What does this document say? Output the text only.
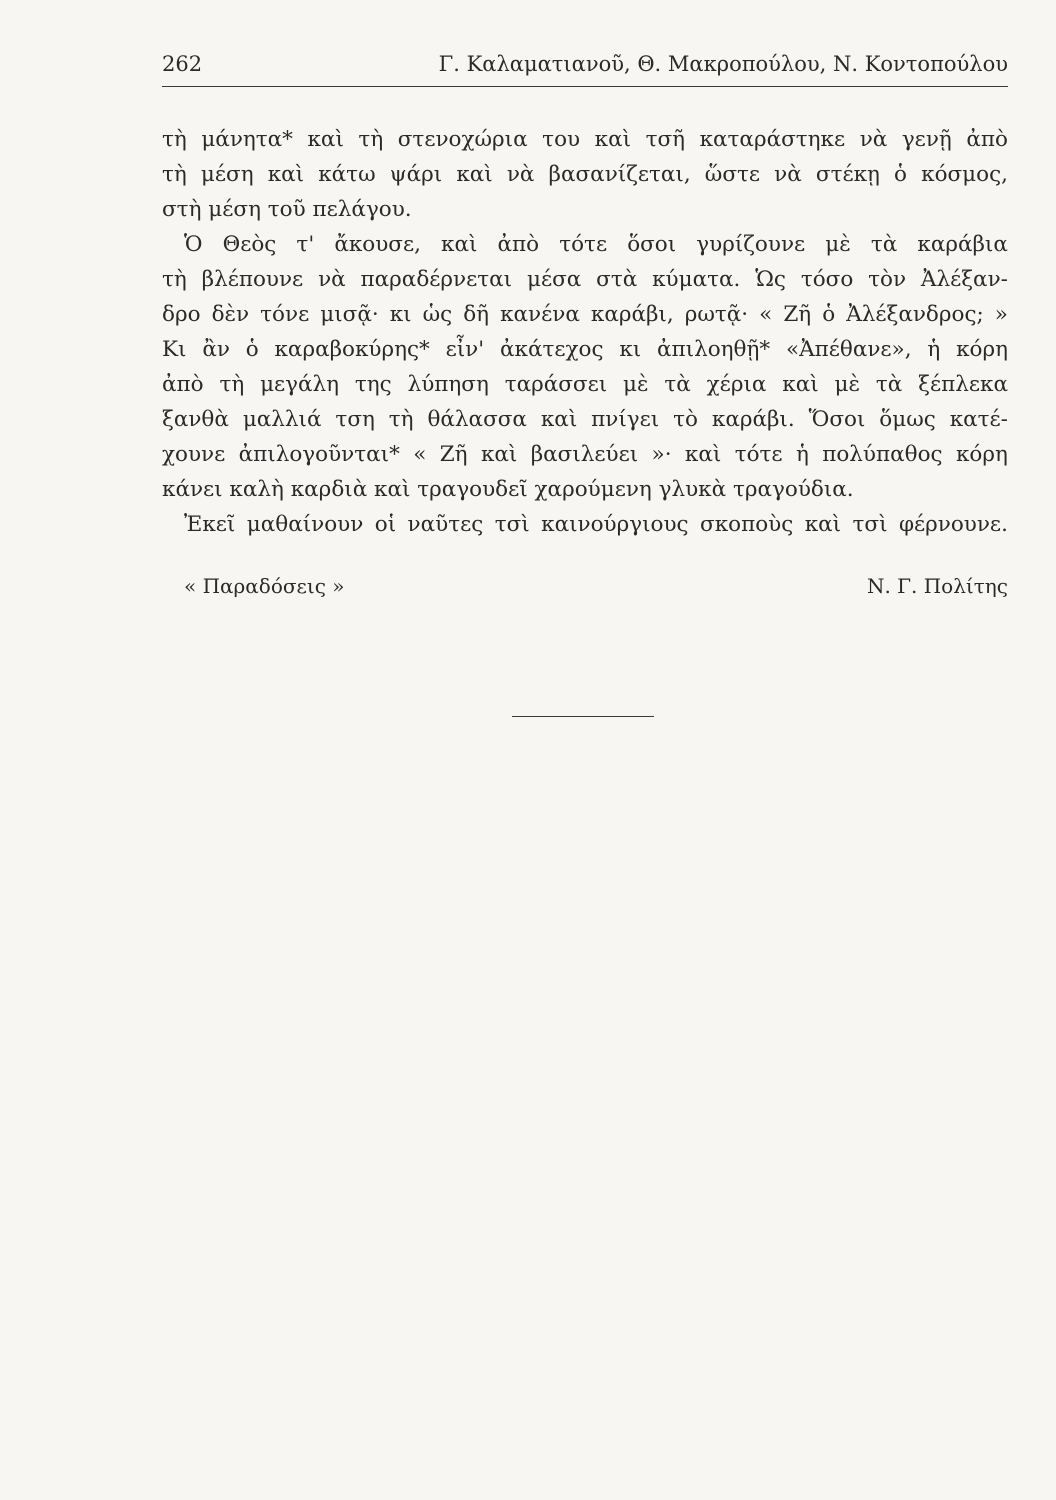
262	Γ. Καλαματιανοῦ, Θ. Μακροπούλου, Ν. Κοντοπούλου
τὴ μάνητα* καὶ τὴ στενοχώρια του καὶ τσῆ καταράστηκε νὰ γενῇ ἀπὸ
τὴ μέση καὶ κάτω ψάρι καὶ νὰ βασανίζεται, ὥστε νὰ στέκῃ ὁ κόσμος,
στὴ μέση τοῦ πελάγου.
Ὁ Θεὸς τ' ἄκουσε, καὶ ἀπὸ τότε ὅσοι γυρίζουνε μὲ τὰ καράβια
τὴ βλέπουνε νὰ παραδέρνεται μέσα στὰ κύματα. Ὡς τόσο τὸν Ἀλέξαν-
δρο δὲν τόνε μισᾷ· κι ὡς δῆ κανένα καράβι, ρωτᾷ· « Ζῆ ὁ Ἀλέξανδρος; »
Κι ἂν ὁ καραβοκύρης* εἶν' ἀκάτεχος κι ἀπιλοηθῇ* «Ἀπέθανε», ἡ κόρη
ἀπὸ τὴ μεγάλη της λύπηση ταράσσει μὲ τὰ χέρια καὶ μὲ τὰ ξέπλεκα
ξανθὰ μαλλιά τση τὴ θάλασσα καὶ πνίγει τὸ καράβι. Ὅσοι ὅμως κατέ-
χουνε ἀπιλογοῦνται* « Ζῆ καὶ βασιλεύει »· καὶ τότε ἡ πολύπαθος κόρη
κάνει καλὴ καρδιὰ καὶ τραγουδεῖ χαρούμενη γλυκὰ τραγούδια.
Ἐκεῖ μαθαίνουν οἱ ναῦτες τσὶ καινούργιους σκοποὺς καὶ τσὶ φέρνουνε.
« Παραδόσεις »	Ν. Γ. Πολίτης
